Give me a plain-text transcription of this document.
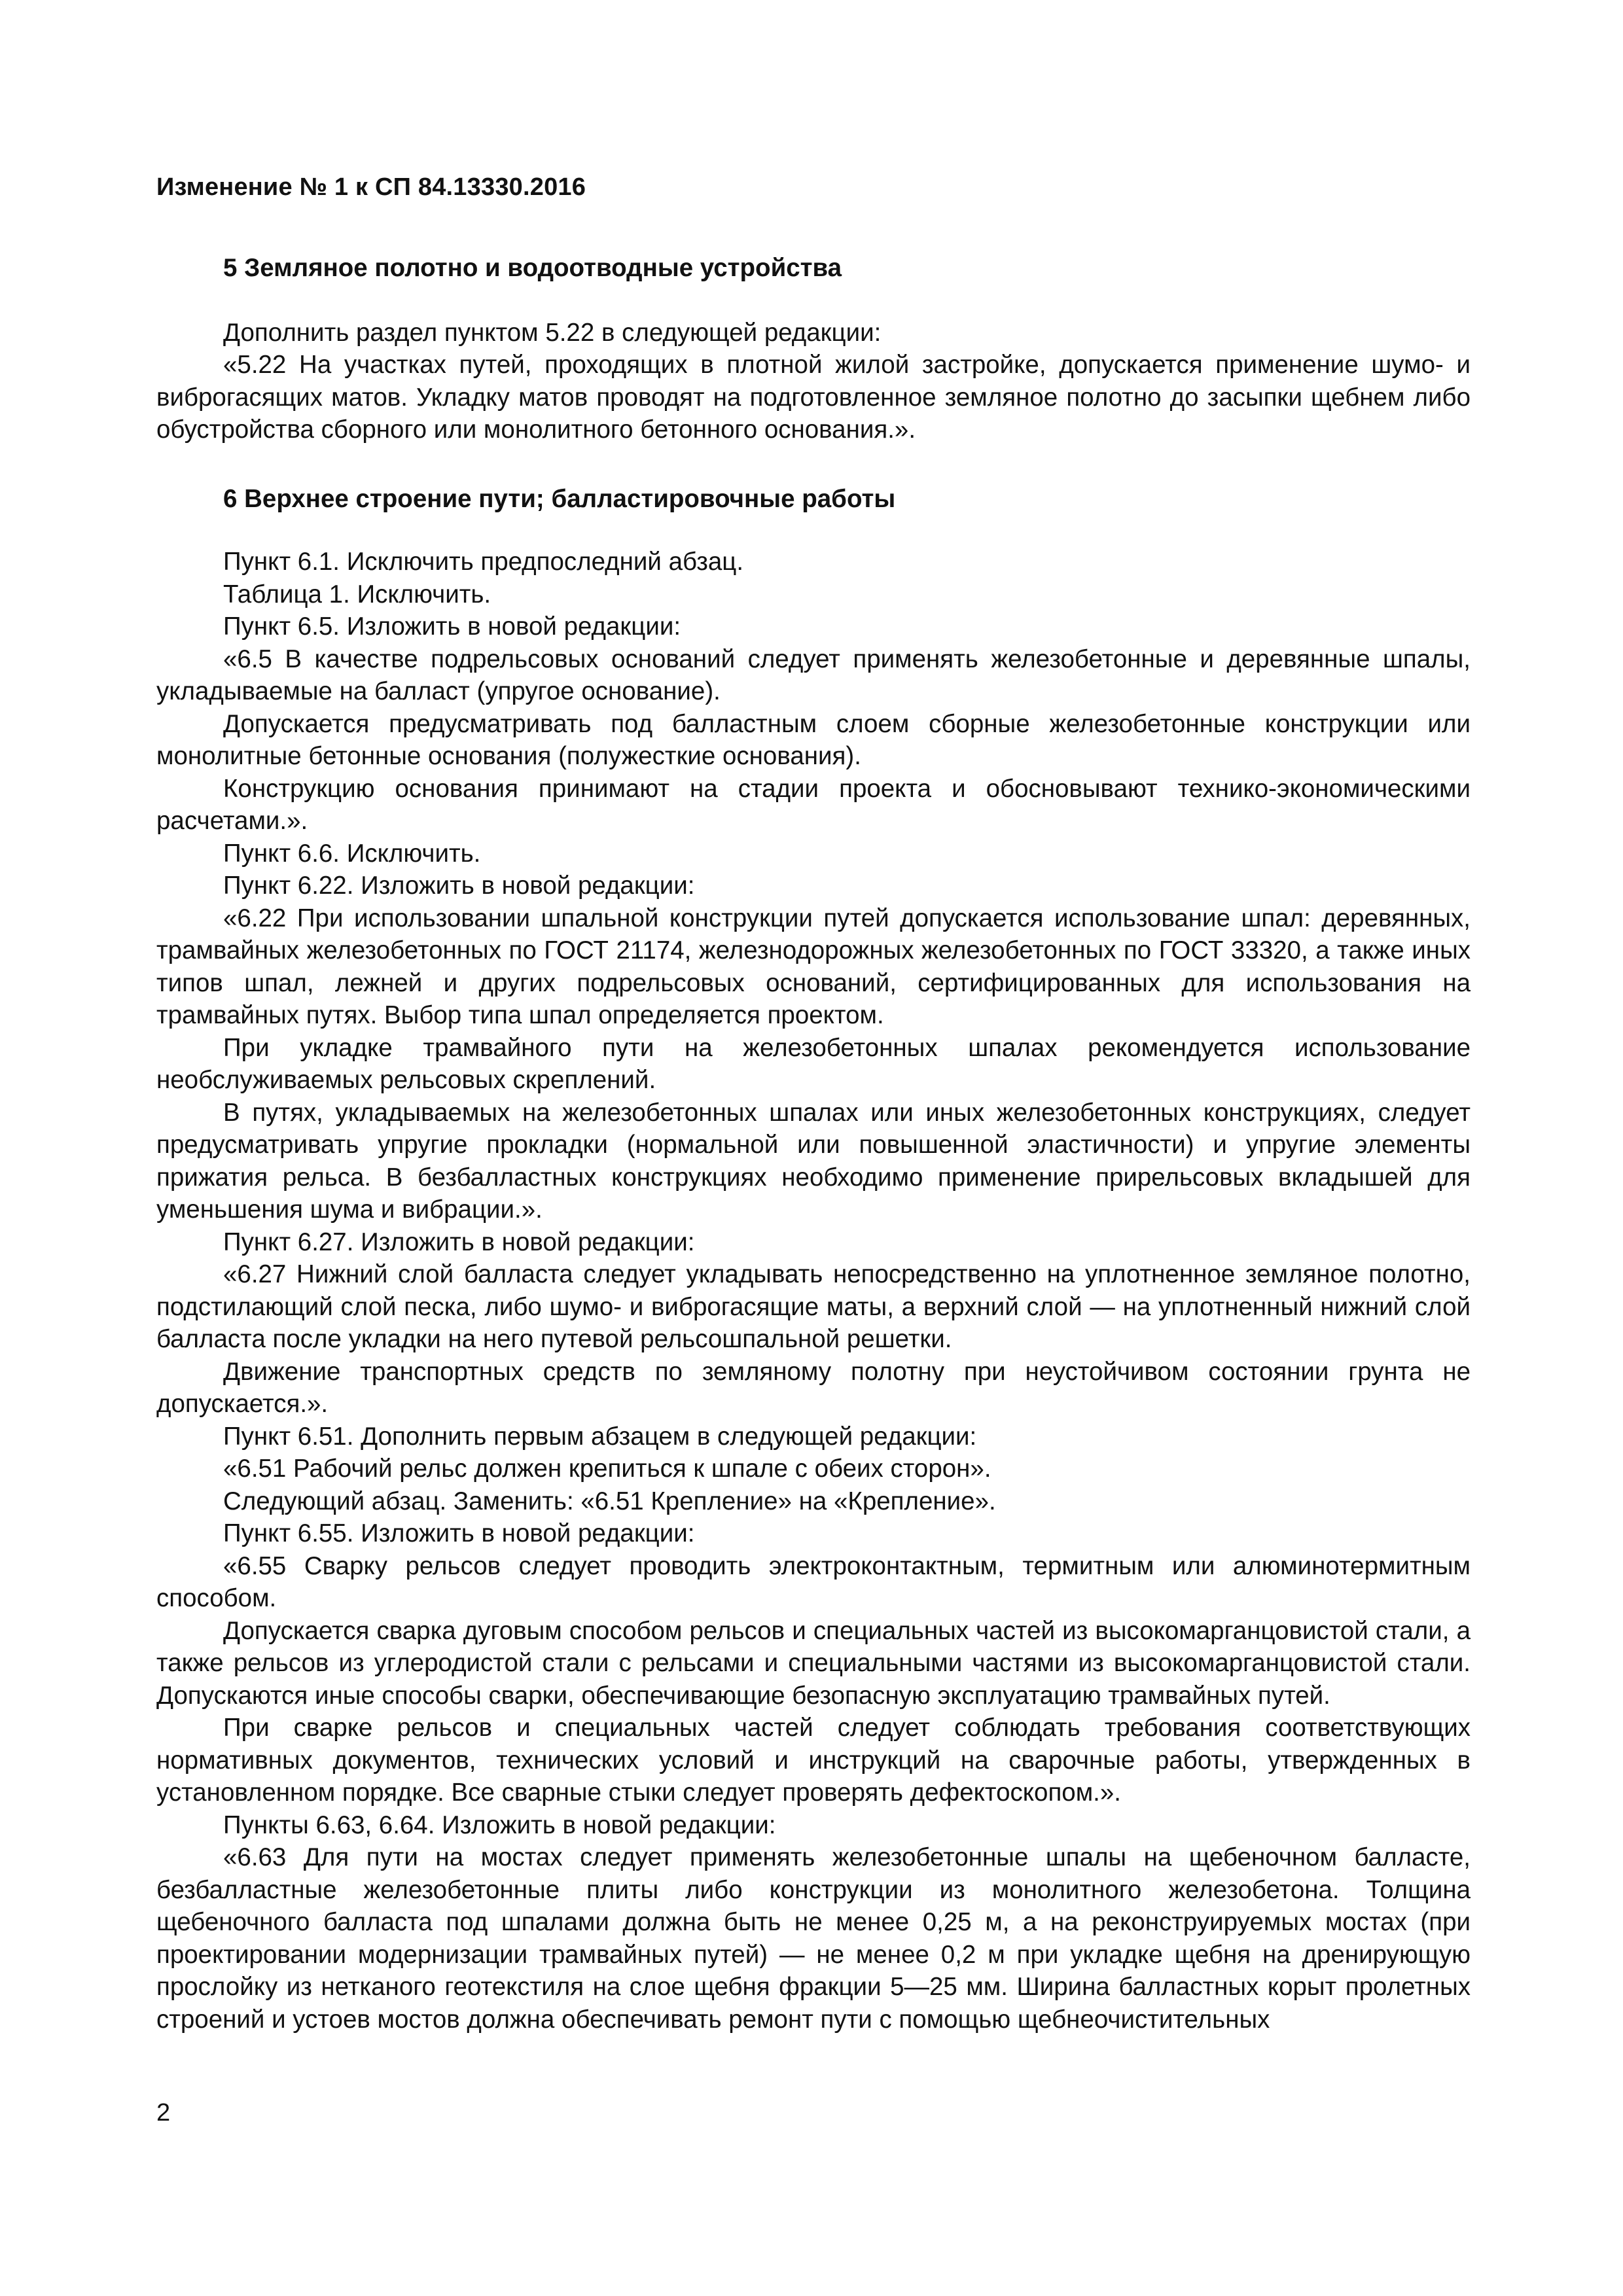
Изменение № 1 к СП 84.13330.2016

5 Земляное полотно и водоотводные устройства

Дополнить раздел пунктом 5.22 в следующей редакции:

«5.22 На участках путей, проходящих в плотной жилой застройке, допускается применение шумо- и виброгасящих матов. Укладку матов проводят на подготовленное земляное полотно до засыпки щебнем либо обустройства сборного или монолитного бетонного основания.».

6 Верхнее строение пути; балластировочные работы

Пункт 6.1. Исключить предпоследний абзац.

Таблица 1. Исключить.

Пункт 6.5. Изложить в новой редакции:

«6.5 В качестве подрельсовых оснований следует применять железобетонные и деревянные шпалы, укладываемые на балласт (упругое основание).

Допускается предусматривать под балластным слоем сборные железобетонные конструкции или монолитные бетонные основания (полужесткие основания).

Конструкцию основания принимают на стадии проекта и обосновывают технико-экономическими расчетами.».

Пункт 6.6. Исключить.

Пункт 6.22. Изложить в новой редакции:

«6.22 При использовании шпальной конструкции путей допускается использование шпал: деревянных, трамвайных железобетонных по ГОСТ 21174, железнодорожных железобетонных по ГОСТ 33320, а также иных типов шпал, лежней и других подрельсовых оснований, сертифицированных для использования на трамвайных путях. Выбор типа шпал определяется проектом.

При укладке трамвайного пути на железобетонных шпалах рекомендуется использование необслуживаемых рельсовых скреплений.

В путях, укладываемых на железобетонных шпалах или иных железобетонных конструкциях, следует предусматривать упругие прокладки (нормальной или повышенной эластичности) и упругие элементы прижатия рельса. В безбалластных конструкциях необходимо применение прирельсовых вкладышей для уменьшения шума и вибрации.».

Пункт 6.27. Изложить в новой редакции:

«6.27 Нижний слой балласта следует укладывать непосредственно на уплотненное земляное полотно, подстилающий слой песка, либо шумо- и виброгасящие маты, а верхний слой — на уплотненный нижний слой балласта после укладки на него путевой рельсошпальной решетки.

Движение транспортных средств по земляному полотну при неустойчивом состоянии грунта не допускается.».

Пункт 6.51. Дополнить первым абзацем в следующей редакции:

«6.51 Рабочий рельс должен крепиться к шпале с обеих сторон».

Следующий абзац. Заменить: «6.51 Крепление» на «Крепление».

Пункт 6.55. Изложить в новой редакции:

«6.55 Сварку рельсов следует проводить электроконтактным, термитным или алюминотермитным способом.

Допускается сварка дуговым способом рельсов и специальных частей из высокомарганцовистой стали, а также рельсов из углеродистой стали с рельсами и специальными частями из высокомарганцовистой стали. Допускаются иные способы сварки, обеспечивающие безопасную эксплуатацию трамвайных путей.

При сварке рельсов и специальных частей следует соблюдать требования соответствующих нормативных документов, технических условий и инструкций на сварочные работы, утвержденных в установленном порядке. Все сварные стыки следует проверять дефектоскопом.».

Пункты 6.63, 6.64. Изложить в новой редакции:

«6.63 Для пути на мостах следует применять железобетонные шпалы на щебеночном балласте, безбалластные железобетонные плиты либо конструкции из монолитного железобетона. Толщина щебеночного балласта под шпалами должна быть не менее 0,25 м, а на реконструируемых мостах (при проектировании модернизации трамвайных путей) — не менее 0,2 м при укладке щебня на дренирующую прослойку из нетканого геотекстиля на слое щебня фракции 5—25 мм. Ширина балластных корыт пролетных строений и устоев мостов должна обеспечивать ремонт пути с помощью щебнеочистительных

2
